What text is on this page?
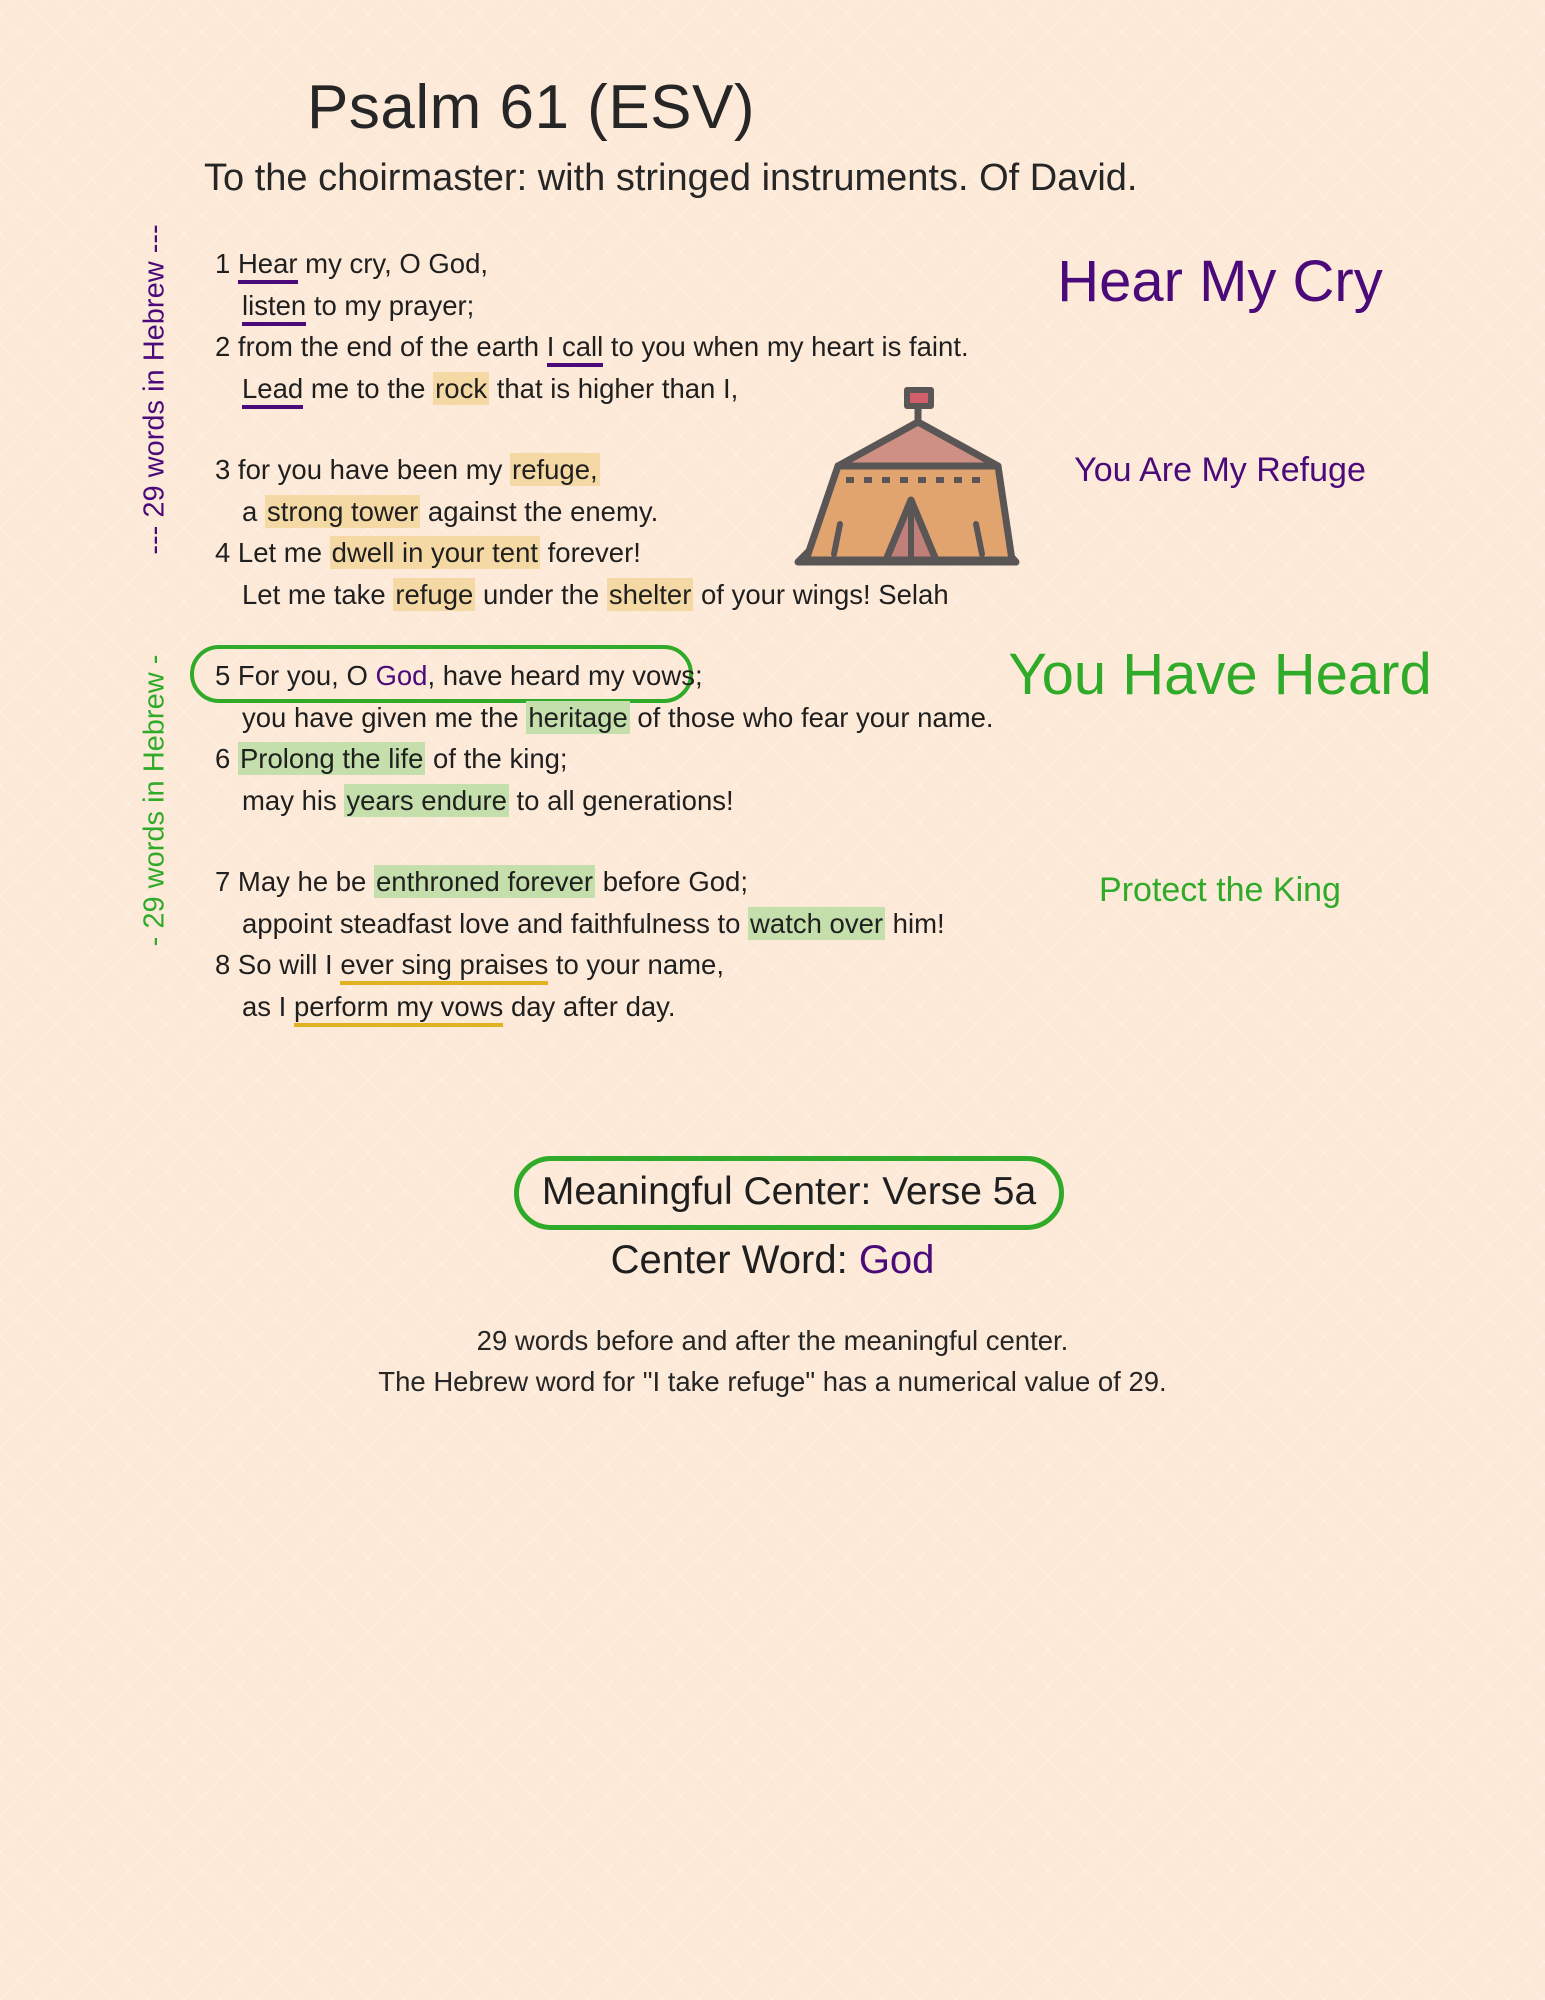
Psalm 61 (ESV)
To the choirmaster: with stringed instruments. Of David.
--- 29 words in Hebrew ---
- 29 words in Hebrew -
1 Hear my cry, O God,
listen to my prayer;
2 from the end of the earth I call to you when my heart is faint.
Lead me to the rock that is higher than I,
3 for you have been my refuge,
a strong tower against the enemy.
4 Let me dwell in your tent forever!
Let me take refuge under the shelter of your wings! Selah
5 For you, O God, have heard my vows;
you have given me the heritage of those who fear your name.
6 Prolong the life of the king;
may his years endure to all generations!
7 May he be enthroned forever before God;
appoint steadfast love and faithfulness to watch over him!
8 So will I ever sing praises to your name,
as I perform my vows day after day.
Hear My Cry
You Are My Refuge
You Have Heard
Protect the King
Meaningful Center: Verse 5a
Center Word: God
29 words before and after the meaningful center.
The Hebrew word for "I take refuge" has a numerical value of 29.
